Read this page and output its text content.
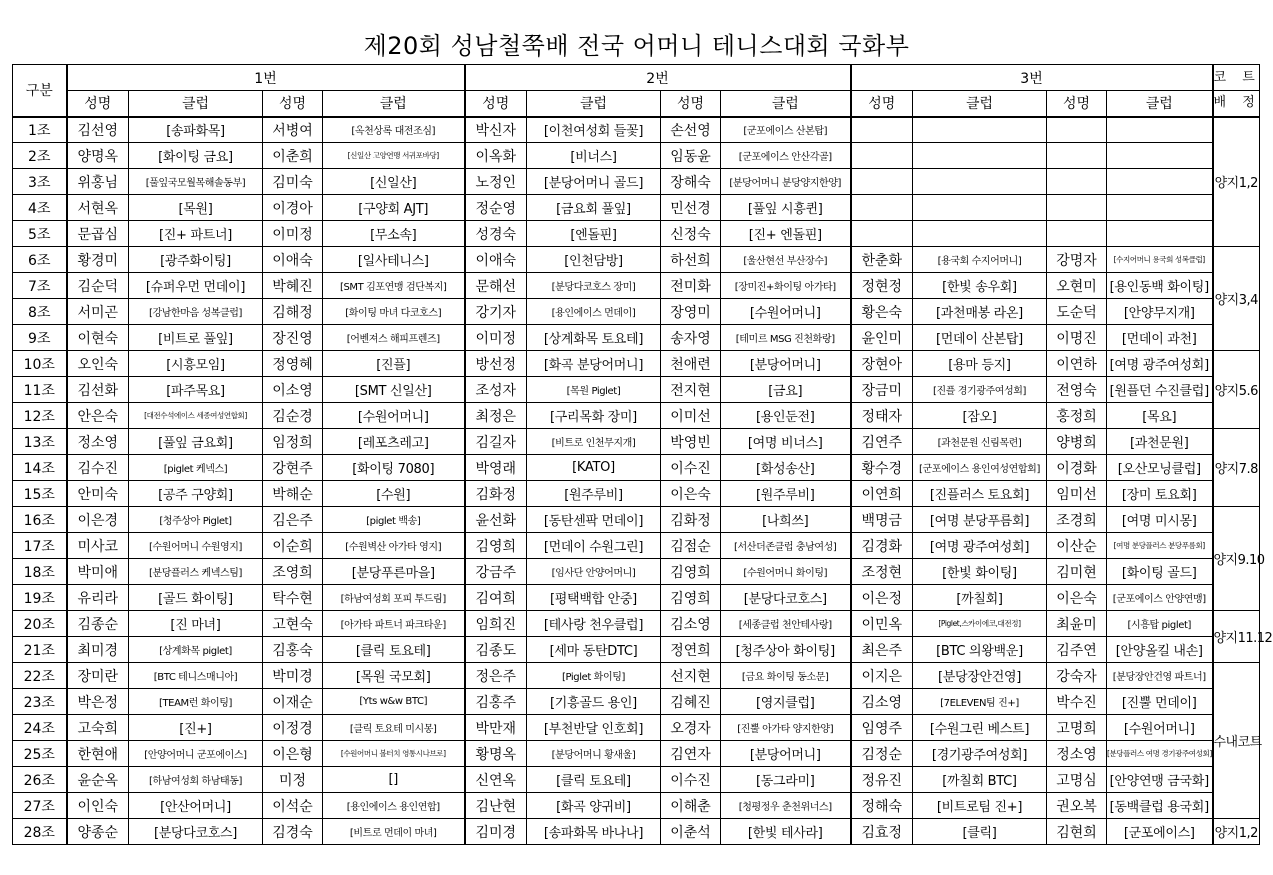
제20회 성남철쭉배 전국 어머니 테니스대회 국화부
구분	1번				2번				3번				코 트
	성명	클럽	성명	클럽	성명	클럽	성명	클럽	성명	클럽	성명	클럽	배 정
1조	김선영	[송파화목]	서병여	[옥천상록 대전조심]	박신자	[이천여성회 들꽃]	손선영	[군포에이스 산본탑]					양지1,2
2조	양명옥	[화이팅 금요]	이춘희	[신일산 고양연맹 서귀포바당]	이옥화	[비너스]	임동윤	[군포에이스 안산각골]					
3조	위홍님	[풀잎국모월목해솔동부]	김미숙	[신일산]	노정인	[분당어머니 골드]	장해숙	[분당어머니 분당양지한양]					
4조	서현옥	[목원]	이경아	[구양회 AJT]	정순영	[금요회 풀잎]	민선경	[풀잎 시흥퀸]					
5조	문곱심	[진+ 파트너]	이미정	[무소속]	성경숙	[엔돌핀]	신정숙	[진+ 엔돌핀]					
6조	황경미	[광주화이팅]	이애숙	[일사테니스]	이애숙	[인천담방]	하선희	[울산현선 부산장수]	한춘화	[용국회 수지어머니]	강명자	[수지어머니 용국회 성복클럽]	양지3,4
7조	김순덕	[슈퍼우먼 먼데이]	박혜진	[SMT 김포연맹 검단복지]	문해선	[분당다코호스 장미]	전미화	[장미진+화이팅 아가타]	정현정	[한빛 송우회]	오현미	[용인동백 화이팅]	
8조	서미곤	[강남한마음 성복클럽]	김해정	[화이팅 마녀 다코호스]	강기자	[용인에이스 먼데이]	장영미	[수원어머니]	황은숙	[과천매봉 라온]	도순덕	[안양무지개]	
9조	이현숙	[비트로 풀잎]	장진영	[어벤져스 해피프렌즈]	이미정	[상계화목 토요테]	송자영	[테미르 MSG 진천화랑]	윤인미	[먼데이 산본탑]	이명진	[먼데이 과천]	
10조	오인숙	[시흥모임]	정영혜	[진플]	방선정	[화곡 분당어머니]	천애련	[분당어머니]	장현아	[용마 등지]	이연하	[여명 광주여성회]	양지5.6
11조	김선화	[파주목요]	이소영	[SMT 신일산]	조성자	[목원 Piglet]	전지현	[금요]	장금미	[진플 경기광주여성회]	전영숙	[원플던 수진클럽]	
12조	안은숙	[대전수석에이스 세종여성연합회]	김순경	[수원어머니]	최정은	[구리목화 장미]	이미선	[용인둔전]	정태자	[잠오]	홍정희	[목요]	
13조	정소영	[풀잎 금요회]	임정희	[레포츠레고]	김길자	[비트로 인천무지개]	박영빈	[여명 비너스]	김연주	[과천문원 신림목련]	양병희	[과천문원]	양지7.8
14조	김수진	[piglet 케넥스]	강현주	[화이팅 7080]	박영래	[KATO]	이수진	[화성송산]	황수경	[군포에이스 용인여성연합회]	이경화	[오산모닝클럽]	
15조	안미숙	[공주 구양회]	박해순	[수원]	김화정	[원주루비]	이은숙	[원주루비]	이연희	[진플러스 토요회]	임미선	[장미 토요회]	
16조	이은경	[청주상아 Piglet]	김은주	[piglet 백송]	윤선화	[동탄센팍 먼데이]	김화정	[나희쓰]	백명금	[여명 분당푸름회]	조경희	[여명 미시몽]	양지9.10
17조	미사코	[수원어머니 수원영지]	이순희	[수원벽산 아가타 영지]	김영희	[먼데이 수원그린]	김점순	[서산더존클럽 충남여성]	김경화	[여명 광주여성회]	이산순	[여명 분당플러스 분당푸름회]	
18조	박미애	[분당플러스 케넥스팀]	조영희	[분당푸른마을]	강금주	[임사단 안양어머니]	김영희	[수원어머니 화이팅]	조정현	[한빛 화이팅]	김미현	[화이팅 골드]	
19조	유리라	[골드 화이팅]	탁수현	[하남여성회 포피 투드림]	김여희	[평택백합 안중]	김영희	[분당다코호스]	이은정	[까칠회]	이은숙	[군포에이스 안양연맹]	
20조	김종순	[진 마녀]	고현숙	[아가타 파트너 파크타운]	임희진	[테사랑 천우클럽]	김소영	[세종클럽 천안테사랑]	이민옥	[Piglet,스카이에코,대전정]	최윤미	[시흥탑 piglet]	양지11.12
21조	최미경	[상계화목 piglet]	김홍숙	[클릭 토요테]	김종도	[세마 동탄DTC]	정연희	[청주상아 화이팅]	최은주	[BTC 의왕백운]	김주연	[안양올킬 내손]	
22조	장미란	[BTC 테니스매니아]	박미경	[목원 국모회]	정은주	[Piglet 화이팅]	선지현	[금요 화이팅 동소문]	이지은	[분당장안건영]	강숙자	[분당장안건영 파트너]	수내코트
23조	박은정	[TEAM런 화이팅]	이재순	[Yts w&w BTC]	김홍주	[기흥골드 용인]	김혜진	[영지클럽]	김소영	[7ELEVEN팀 진+]	박수진	[진뿔 먼데이]	
24조	고숙희	[진+]	이정경	[클릭 토요테 미시몽]	박만재	[부천반달 인호회]	오경자	[진뿔 아가타 양지한양]	임영주	[수원그린 베스트]	고명희	[수원어머니]	
25조	한현애	[안양어머니 군포에이스]	이은형	[수원어머니 볼터치 영통시나브로]	황명옥	[분당어머니 황새울]	김연자	[분당어머니]	김정순	[경기광주여성회]	정소영	[분당플러스 여명 경기광주여성회]	
26조	윤순옥	[하남여성회 하남태동]	미정	[]	신연옥	[클릭 토요테]	이수진	[동그라미]	정유진	[까칠회 BTC]	고명심	[안양연맹 금국화]	
27조	이인숙	[안산어머니]	이석순	[용인에이스 용인연합]	김난현	[화곡 양귀비]	이해춘	[청평정우 춘천위너스]	정해숙	[비트로팀 진+]	권오복	[동백클럽 용국회]	
28조	양종순	[분당다코호스]	김경숙	[비트로 먼데이 마녀]	김미경	[송파화목 바나나]	이춘석	[한빛 테사라]	김효정	[클릭]	김현희	[군포에이스]	양지1,2
